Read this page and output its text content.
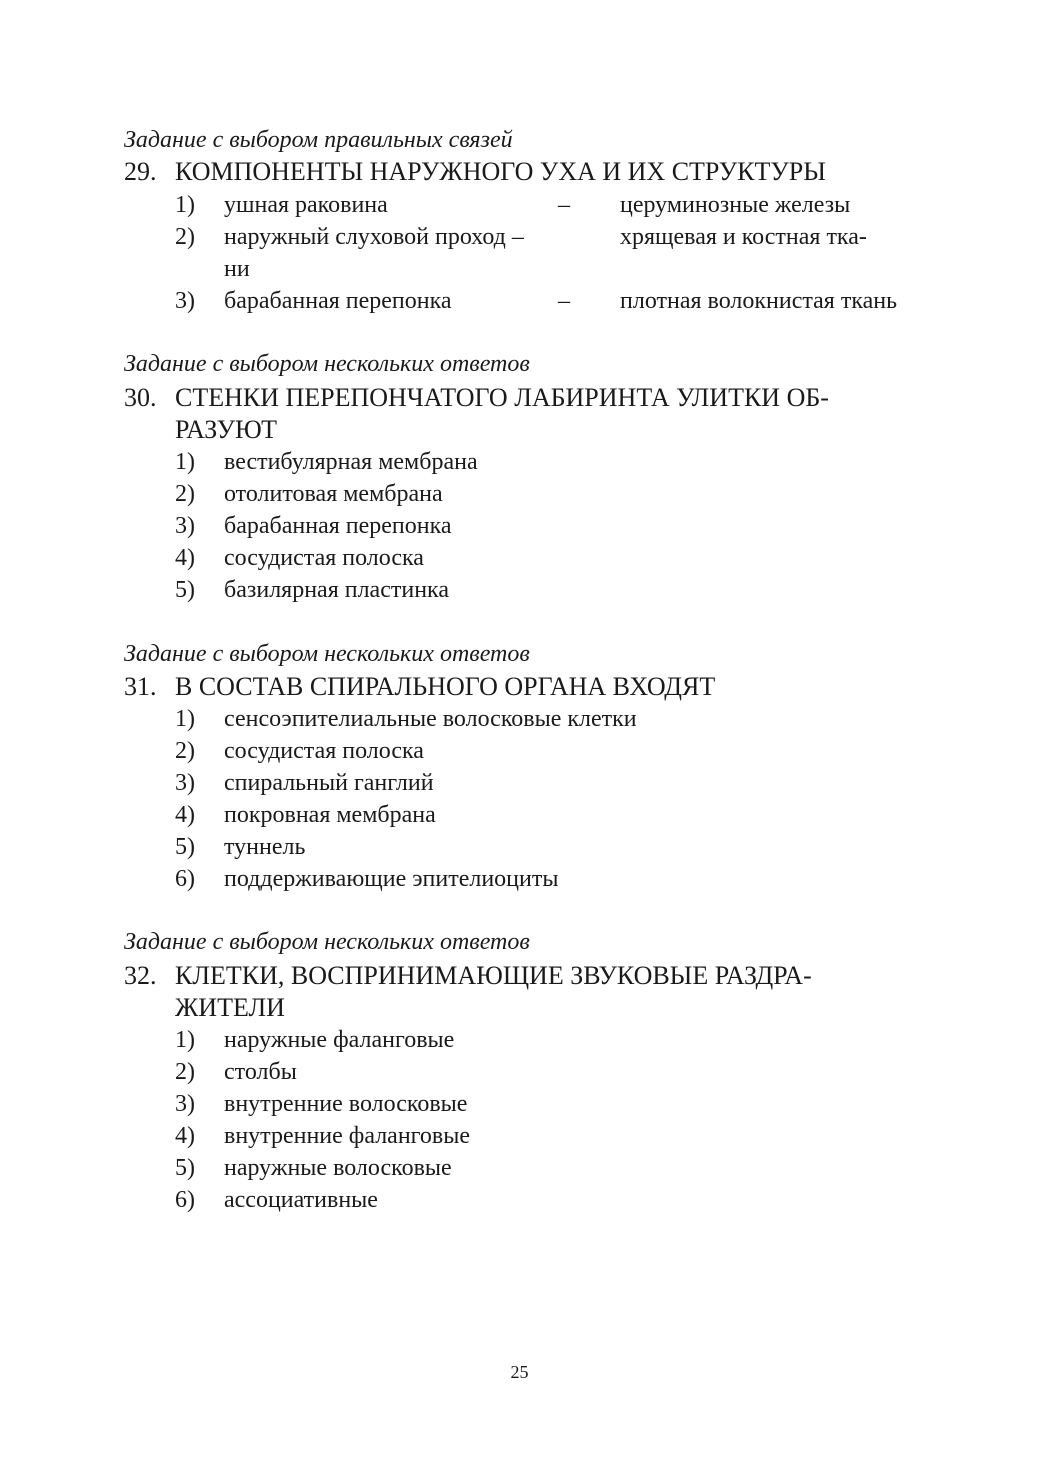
Задание с выбором правильных связей
29. КОМПОНЕНТЫ НАРУЖНОГО УХА И ИХ СТРУКТУРЫ
1) ушная раковина	– церуминозные железы
2) наружный слуховой проход –	хрящевая и костная тка-
ни
3) барабанная перепонка	– плотная волокнистая ткань
Задание с выбором нескольких ответов
30. СТЕНКИ ПЕРЕПОНЧАТОГО ЛАБИРИНТА УЛИТКИ ОБ-
РАЗУЮТ
1) вестибулярная мембрана
2) отолитовая мембрана
3) барабанная перепонка
4) сосудистая полоска
5) базилярная пластинка
Задание с выбором нескольких ответов
31. В СОСТАВ СПИРАЛЬНОГО ОРГАНА ВХОДЯТ
1) сенсоэпителиальные волосковые клетки
2) сосудистая полоска
3) спиральный ганглий
4) покровная мембрана
5) туннель
6) поддерживающие эпителиоциты
Задание с выбором нескольких ответов
32. КЛЕТКИ, ВОСПРИНИМАЮЩИЕ ЗВУКОВЫЕ РАЗДРА-
ЖИТЕЛИ
1) наружные фаланговые
2) столбы
3) внутренние волосковые
4) внутренние фаланговые
5) наружные волосковые
6) ассоциативные
25
